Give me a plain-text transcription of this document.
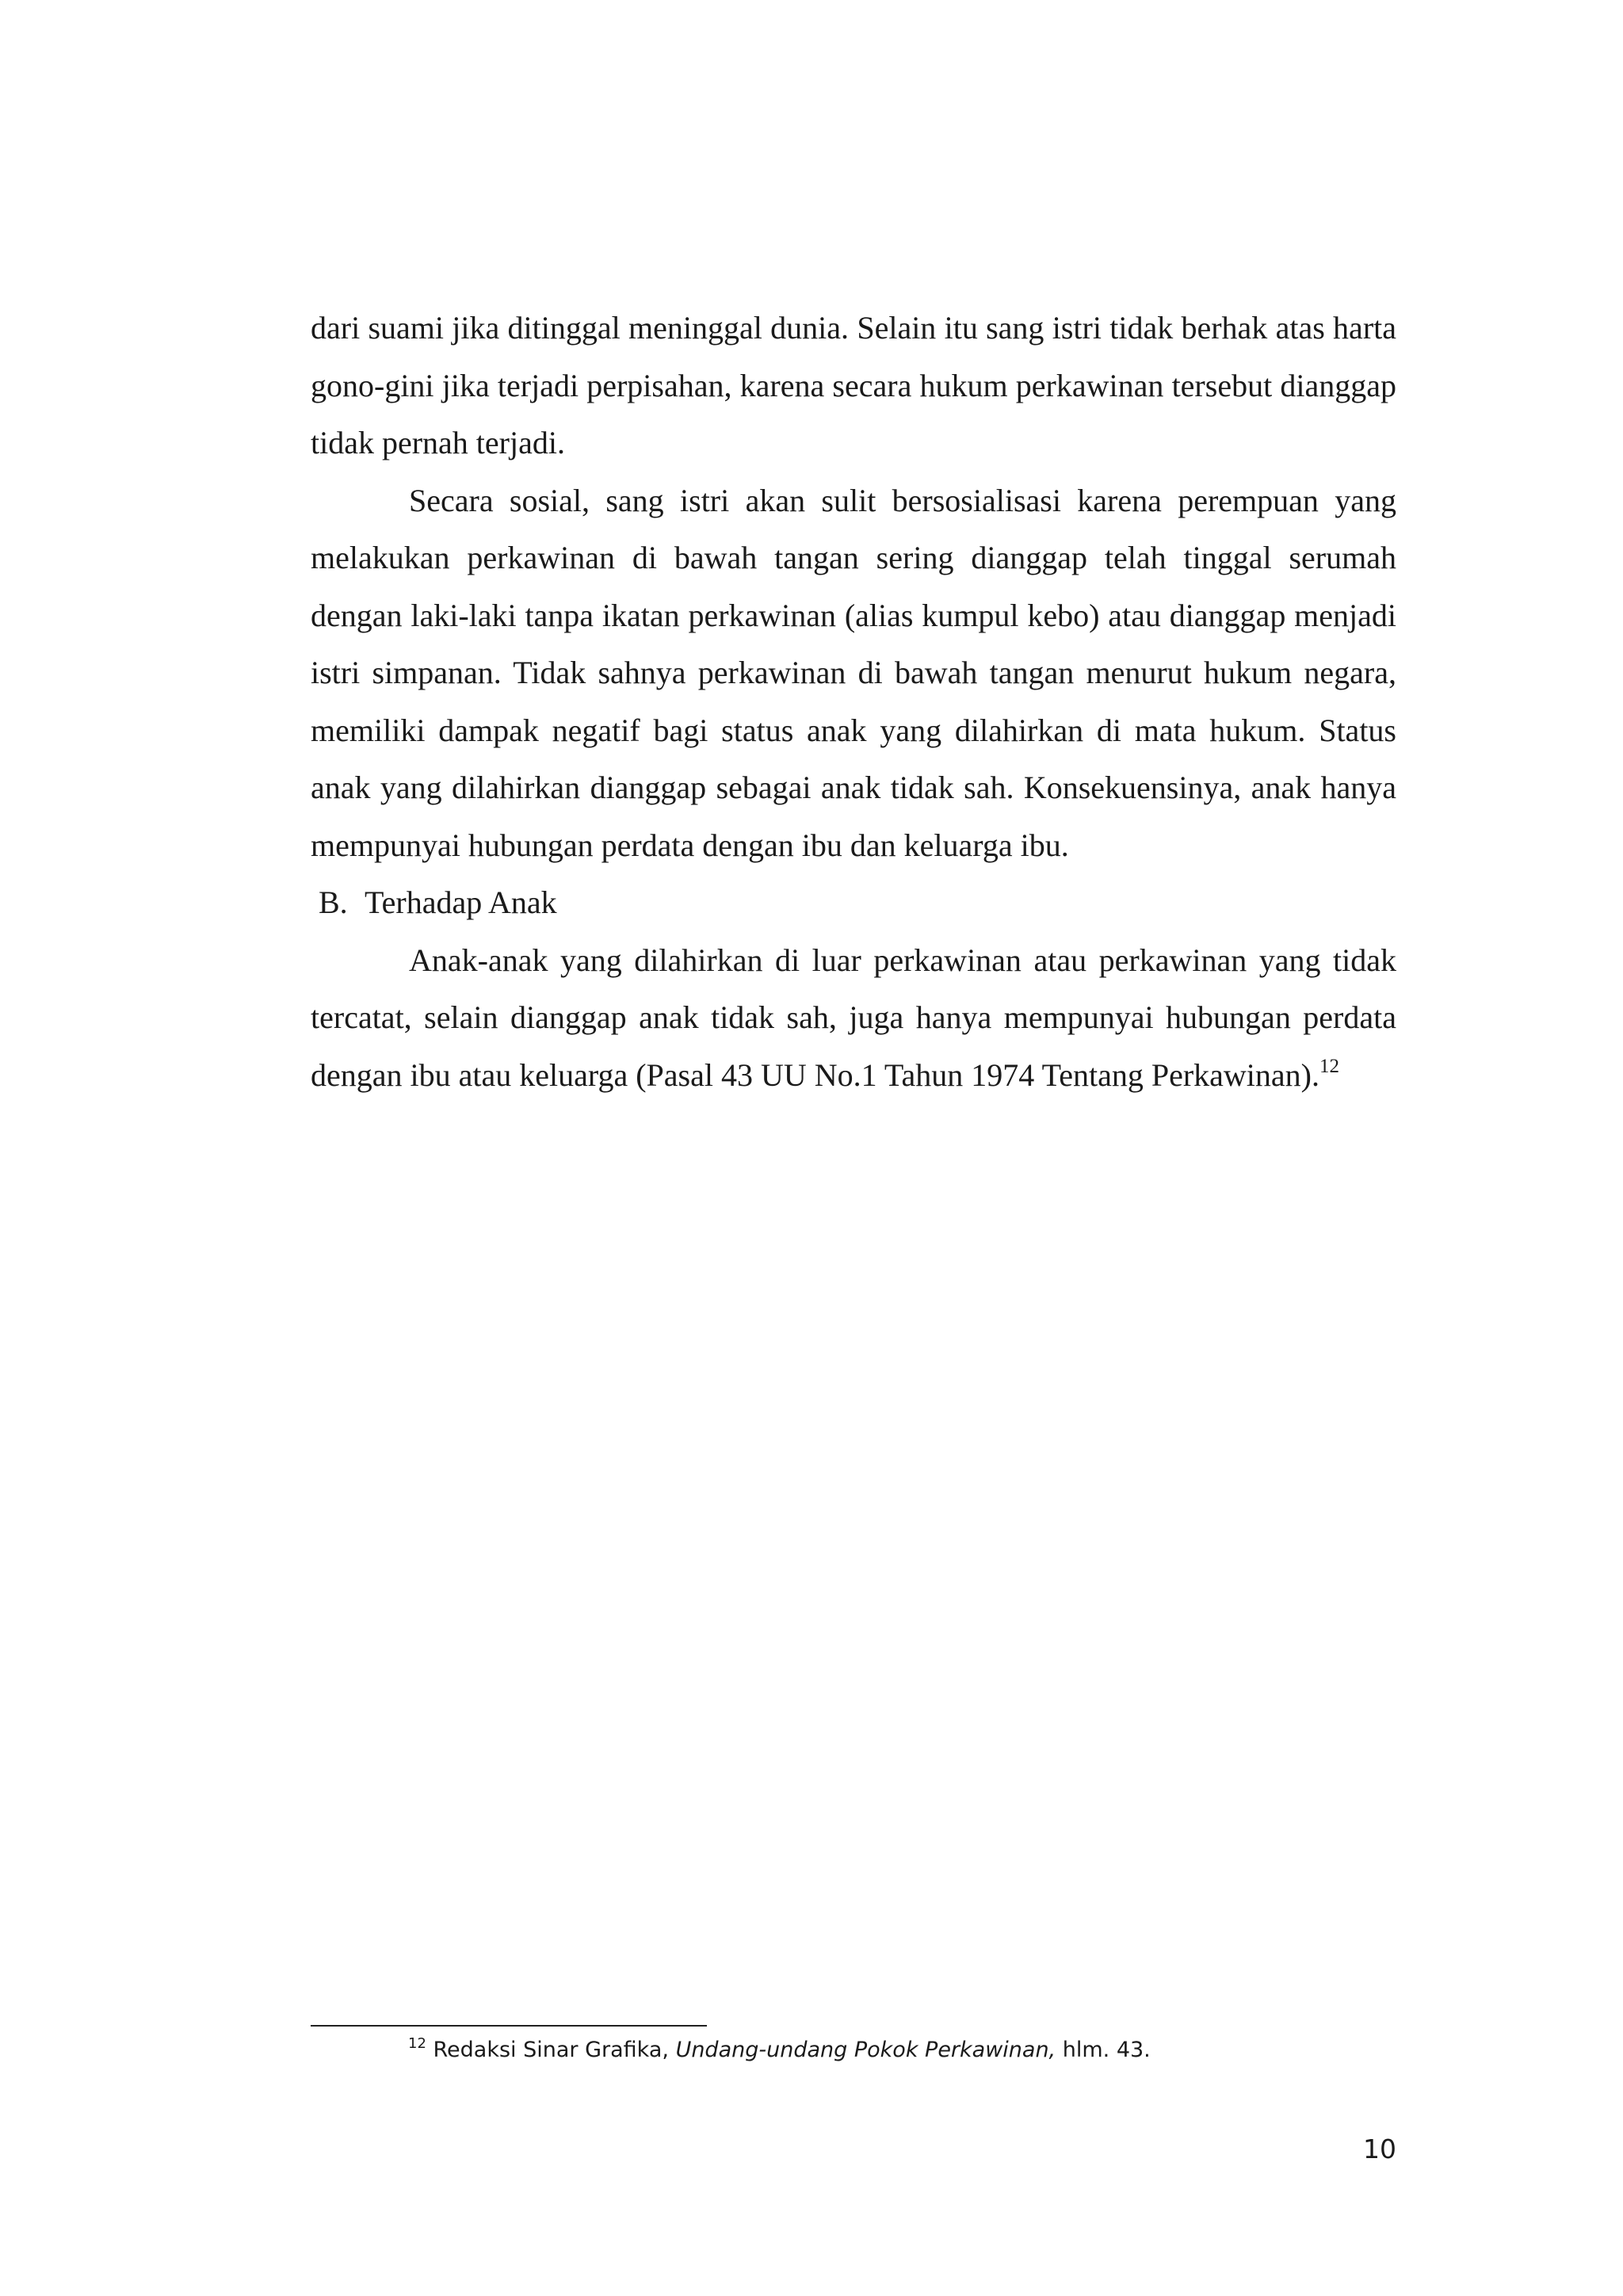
dari suami jika ditinggal meninggal dunia. Selain itu sang istri tidak berhak atas harta gono-gini jika terjadi perpisahan, karena secara hukum perkawinan tersebut dianggap tidak pernah terjadi.

Secara sosial, sang istri akan sulit bersosialisasi karena perempuan yang melakukan perkawinan di bawah tangan sering dianggap telah tinggal serumah dengan laki-laki tanpa ikatan perkawinan (alias kumpul kebo) atau dianggap menjadi istri simpanan. Tidak sahnya perkawinan di bawah tangan menurut hukum negara, memiliki dampak negatif bagi status anak yang dilahirkan di mata hukum. Status anak yang dilahirkan dianggap sebagai anak tidak sah. Konsekuensinya, anak hanya mempunyai hubungan perdata dengan ibu dan keluarga ibu.

B. Terhadap Anak

Anak-anak yang dilahirkan di luar perkawinan atau perkawinan yang tidak tercatat, selain dianggap anak tidak sah, juga hanya mempunyai hubungan perdata dengan ibu atau keluarga (Pasal 43 UU No.1 Tahun 1974 Tentang Perkawinan).$^{12}$

$^{12}$ Redaksi Sinar Grafika, Undang-undang Pokok Perkawinan, hlm. 43.
10
